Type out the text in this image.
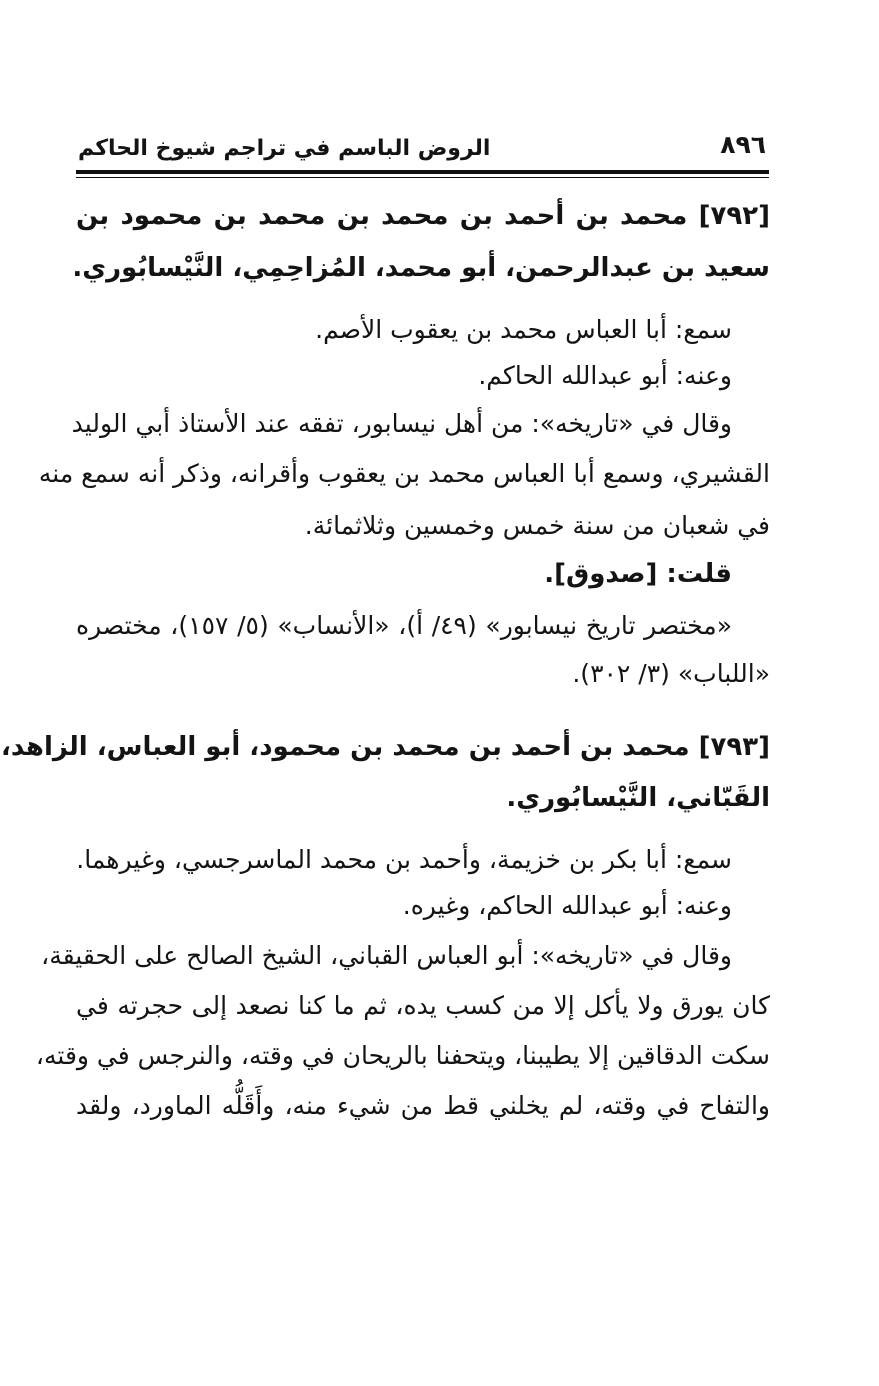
٨٩٦
الروض الباسم في تراجم شيوخ الحاكم
[٧٩٢] محمد بن أحمد بن محمد بن محمد بن محمود بن
سعيد بن عبدالرحمن، أبو محمد، المُزاحِمِي، النَّيْسابُوري.
سمع: أبا العباس محمد بن يعقوب الأصم.
وعنه: أبو عبدالله الحاكم.
وقال في «تاريخه»: من أهل نيسابور، تفقه عند الأستاذ أبي الوليد
القشيري، وسمع أبا العباس محمد بن يعقوب وأقرانه، وذكر أنه سمع منه
في شعبان من سنة خمس وخمسين وثلاثمائة.
قلت: [صدوق].
«مختصر تاريخ نيسابور» (٤٩/ أ)، «الأنساب» (٥/ ١٥٧)، مختصره
«اللباب» (٣/ ٣٠٢).
[٧٩٣] محمد بن أحمد بن محمد بن محمود، أبو العباس، الزاهد،
القَبّاني، النَّيْسابُوري.
سمع: أبا بكر بن خزيمة، وأحمد بن محمد الماسرجسي، وغيرهما.
وعنه: أبو عبدالله الحاكم، وغيره.
وقال في «تاريخه»: أبو العباس القباني، الشيخ الصالح على الحقيقة،
كان يورق ولا يأكل إلا من كسب يده، ثم ما كنا نصعد إلى حجرته في
سكت الدقاقين إلا يطيبنا، ويتحفنا بالريحان في وقته، والنرجس في وقته،
والتفاح في وقته، لم يخلني قط من شيء منه، وأَقَلُّه الماورد، ولقد
